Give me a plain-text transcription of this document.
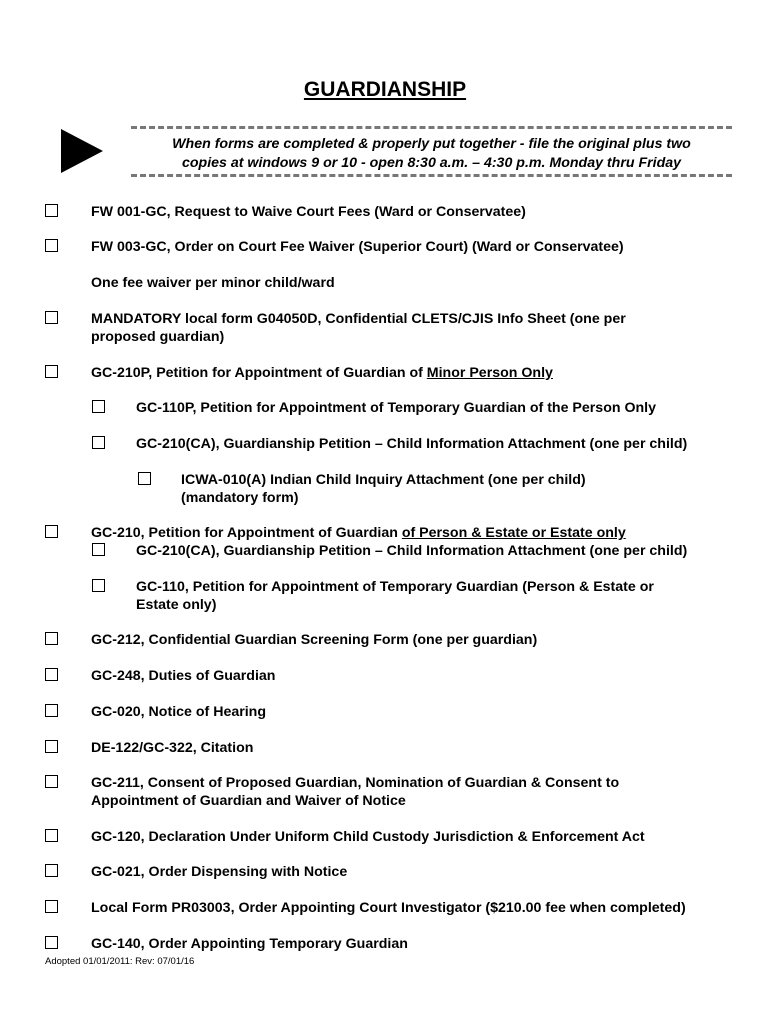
GUARDIANSHIP
When forms are completed & properly put together - file the original plus two
copies at windows 9 or 10 - open 8:30 a.m. – 4:30 p.m. Monday thru Friday
FW 001-GC, Request to Waive Court Fees (Ward or Conservatee)
FW 003-GC, Order on Court Fee Waiver (Superior Court) (Ward or Conservatee)
One fee waiver per minor child/ward
MANDATORY local form G04050D, Confidential CLETS/CJIS Info Sheet (one per
proposed guardian)
GC-210P, Petition for Appointment of Guardian of Minor Person Only
GC-110P, Petition for Appointment of Temporary Guardian of the Person Only
GC-210(CA), Guardianship Petition – Child Information Attachment (one per child)
ICWA-010(A) Indian Child Inquiry Attachment (one per child)
(mandatory form)
GC-210, Petition for Appointment of Guardian of Person & Estate or Estate only
GC-210(CA), Guardianship Petition – Child Information Attachment (one per child)
GC-110, Petition for Appointment of Temporary Guardian (Person & Estate or
Estate only)
GC-212, Confidential Guardian Screening Form (one per guardian)
GC-248, Duties of Guardian
GC-020, Notice of Hearing
DE-122/GC-322, Citation
GC-211, Consent of Proposed Guardian, Nomination of Guardian & Consent to
Appointment of Guardian and Waiver of Notice
GC-120, Declaration Under Uniform Child Custody Jurisdiction & Enforcement Act
GC-021, Order Dispensing with Notice
Local Form PR03003, Order Appointing Court Investigator ($210.00 fee when completed)
GC-140, Order Appointing Temporary Guardian
Adopted 01/01/2011: Rev: 07/01/16
